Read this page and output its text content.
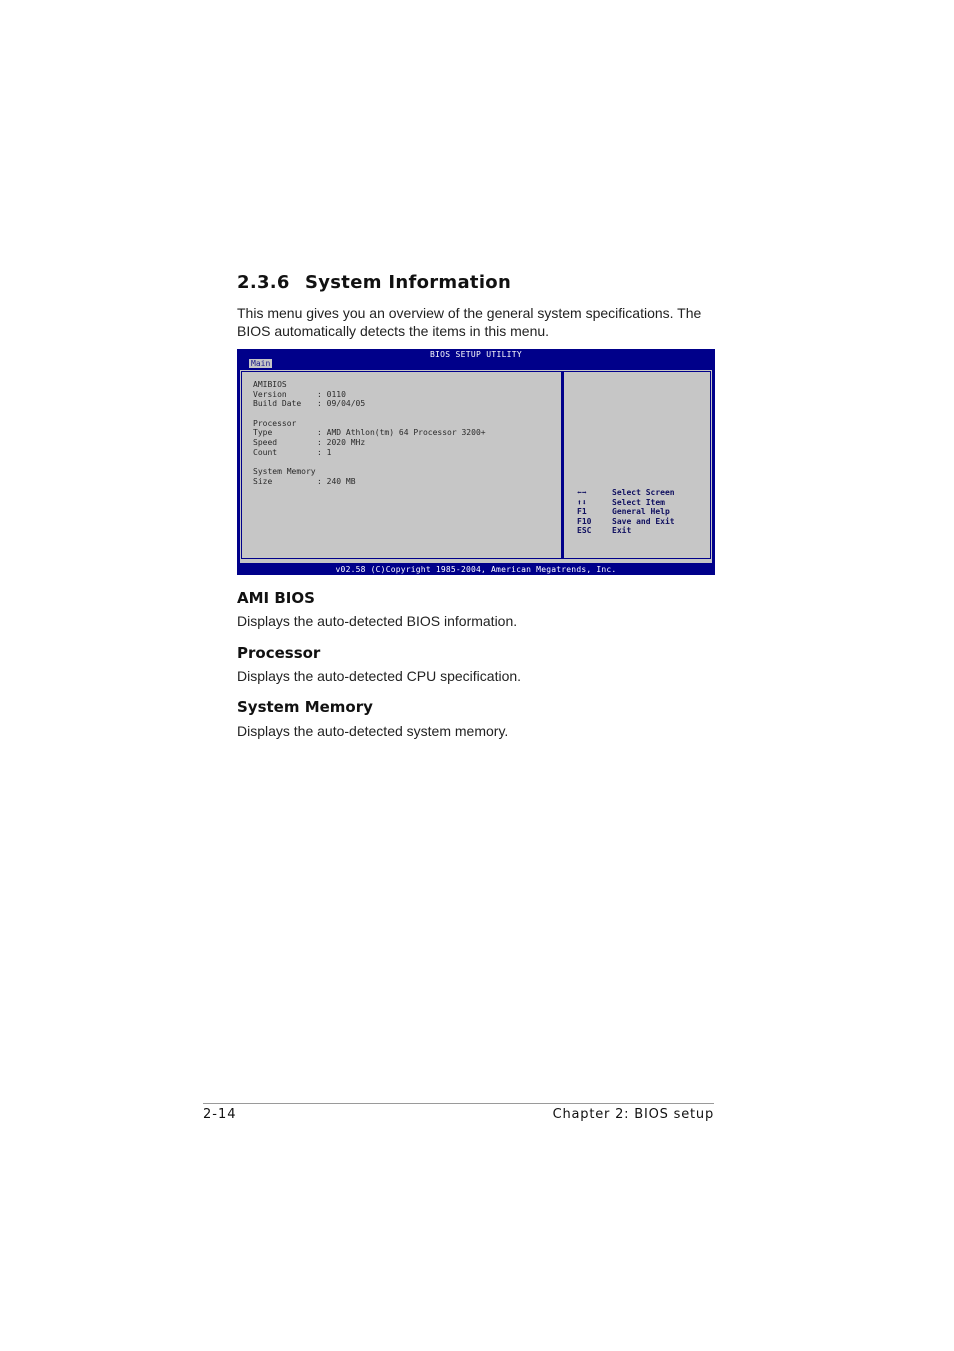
2.3.6 System Information

This menu gives you an overview of the general system specifications. The BIOS automatically detects the items in this menu.

BIOS SETUP UTILITY
Main
AMIBIOS
Version	: 0110
Build Date : 09/04/05
Processor
Type	: AMD Athlon(tm) 64 Processor 3200+
Speed	: 2020 MHz
Count	: 1
System Memory
Size	: 240 MB
⬅➡	Select Screen
⬆⬇	Select Item
F1	General Help
F10	Save and Exit
ESC	Exit
v02.58 (C)Copyright 1985-2004, American Megatrends, Inc.
AMI BIOS

Displays the auto-detected BIOS information.

Processor

Displays the auto-detected CPU specification.

System Memory

Displays the auto-detected system memory.

2-14	Chapter 2: BIOS setup
